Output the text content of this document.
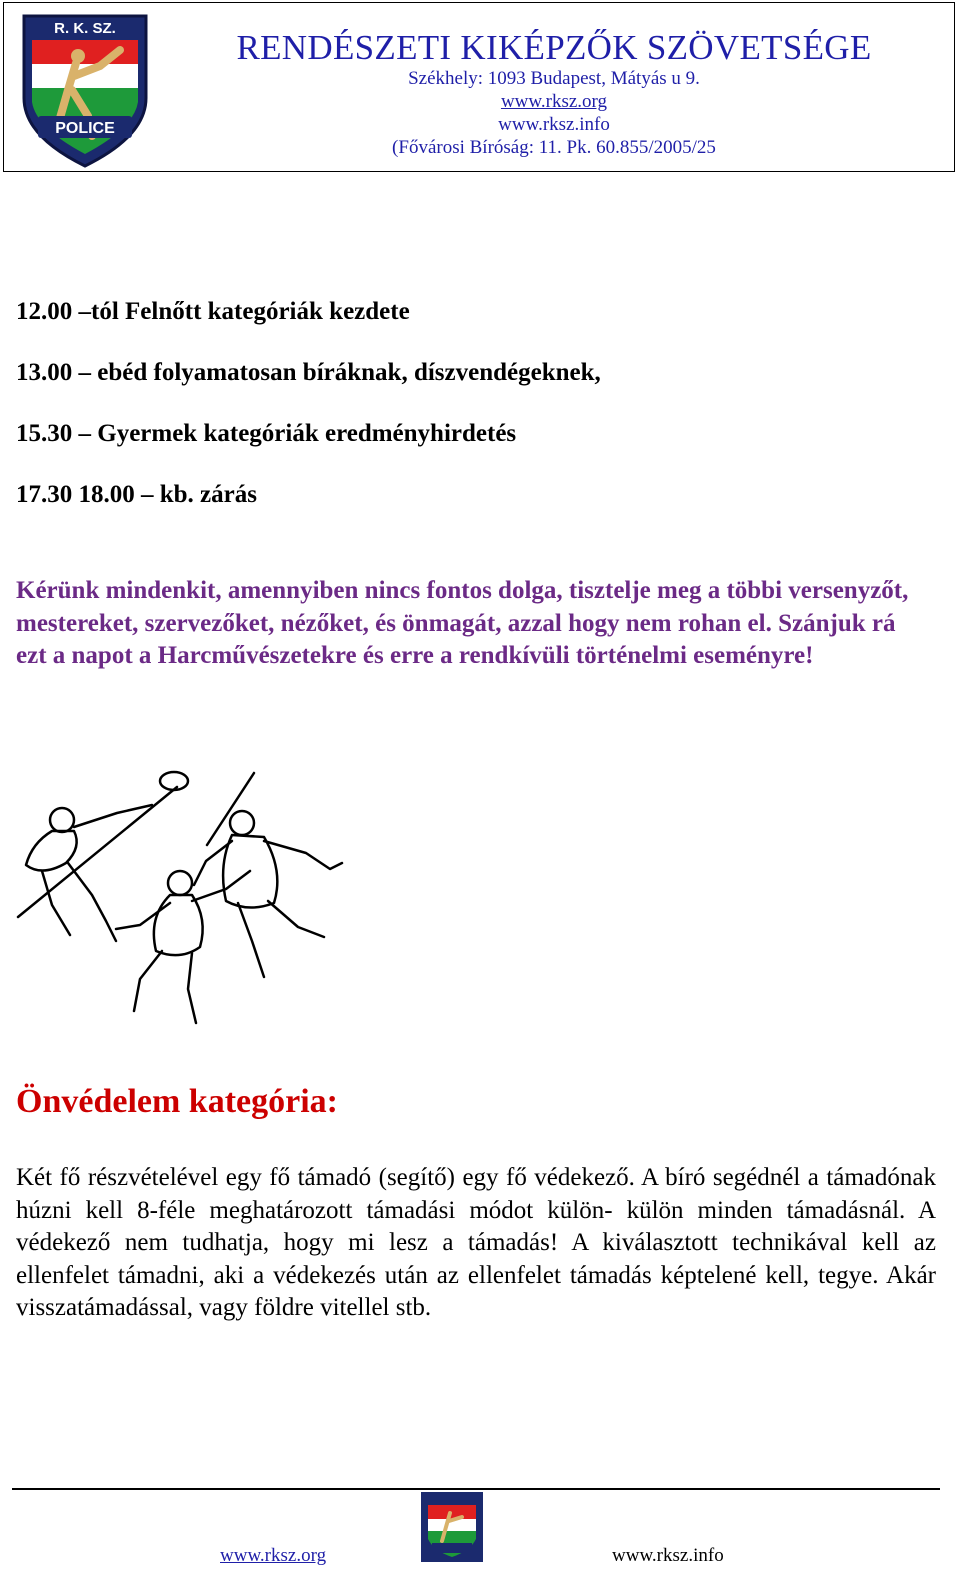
R. K. SZ.
POLICE
RENDÉSZETI KIKÉPZŐK SZÖVETSÉGE
Székhely: 1093 Budapest, Mátyás u 9.
www.rksz.org
www.rksz.info
(Fővárosi Bíróság: 11. Pk. 60.855/2005/25
12.00 –tól Felnőtt kategóriák kezdete
13.00 – ebéd folyamatosan bíráknak, díszvendégeknek,
15.30 – Gyermek kategóriák eredményhirdetés
17.30 18.00 – kb. zárás
Kérünk mindenkit, amennyiben nincs fontos dolga, tisztelje meg a többi versenyzőt, mestereket, szervezőket, nézőket, és önmagát, azzal hogy nem rohan el. Szánjuk rá ezt a napot a Harcművészetekre és erre a rendkívüli történelmi eseményre!
Önvédelem kategória:
Két fő részvételével egy fő támadó (segítő) egy fő védekező. A bíró segédnél a támadónak húzni kell 8-féle meghatározott támadási módot külön- külön minden támadásnál. A védekező nem tudhatja, hogy mi lesz a támadás! A kiválasztott technikával kell az ellenfelet támadni, aki a védekezés után az ellenfelet támadás képtelené kell, tegye. Akár visszatámadással, vagy földre vitellel stb.
www.rksz.org	www.rksz.info
